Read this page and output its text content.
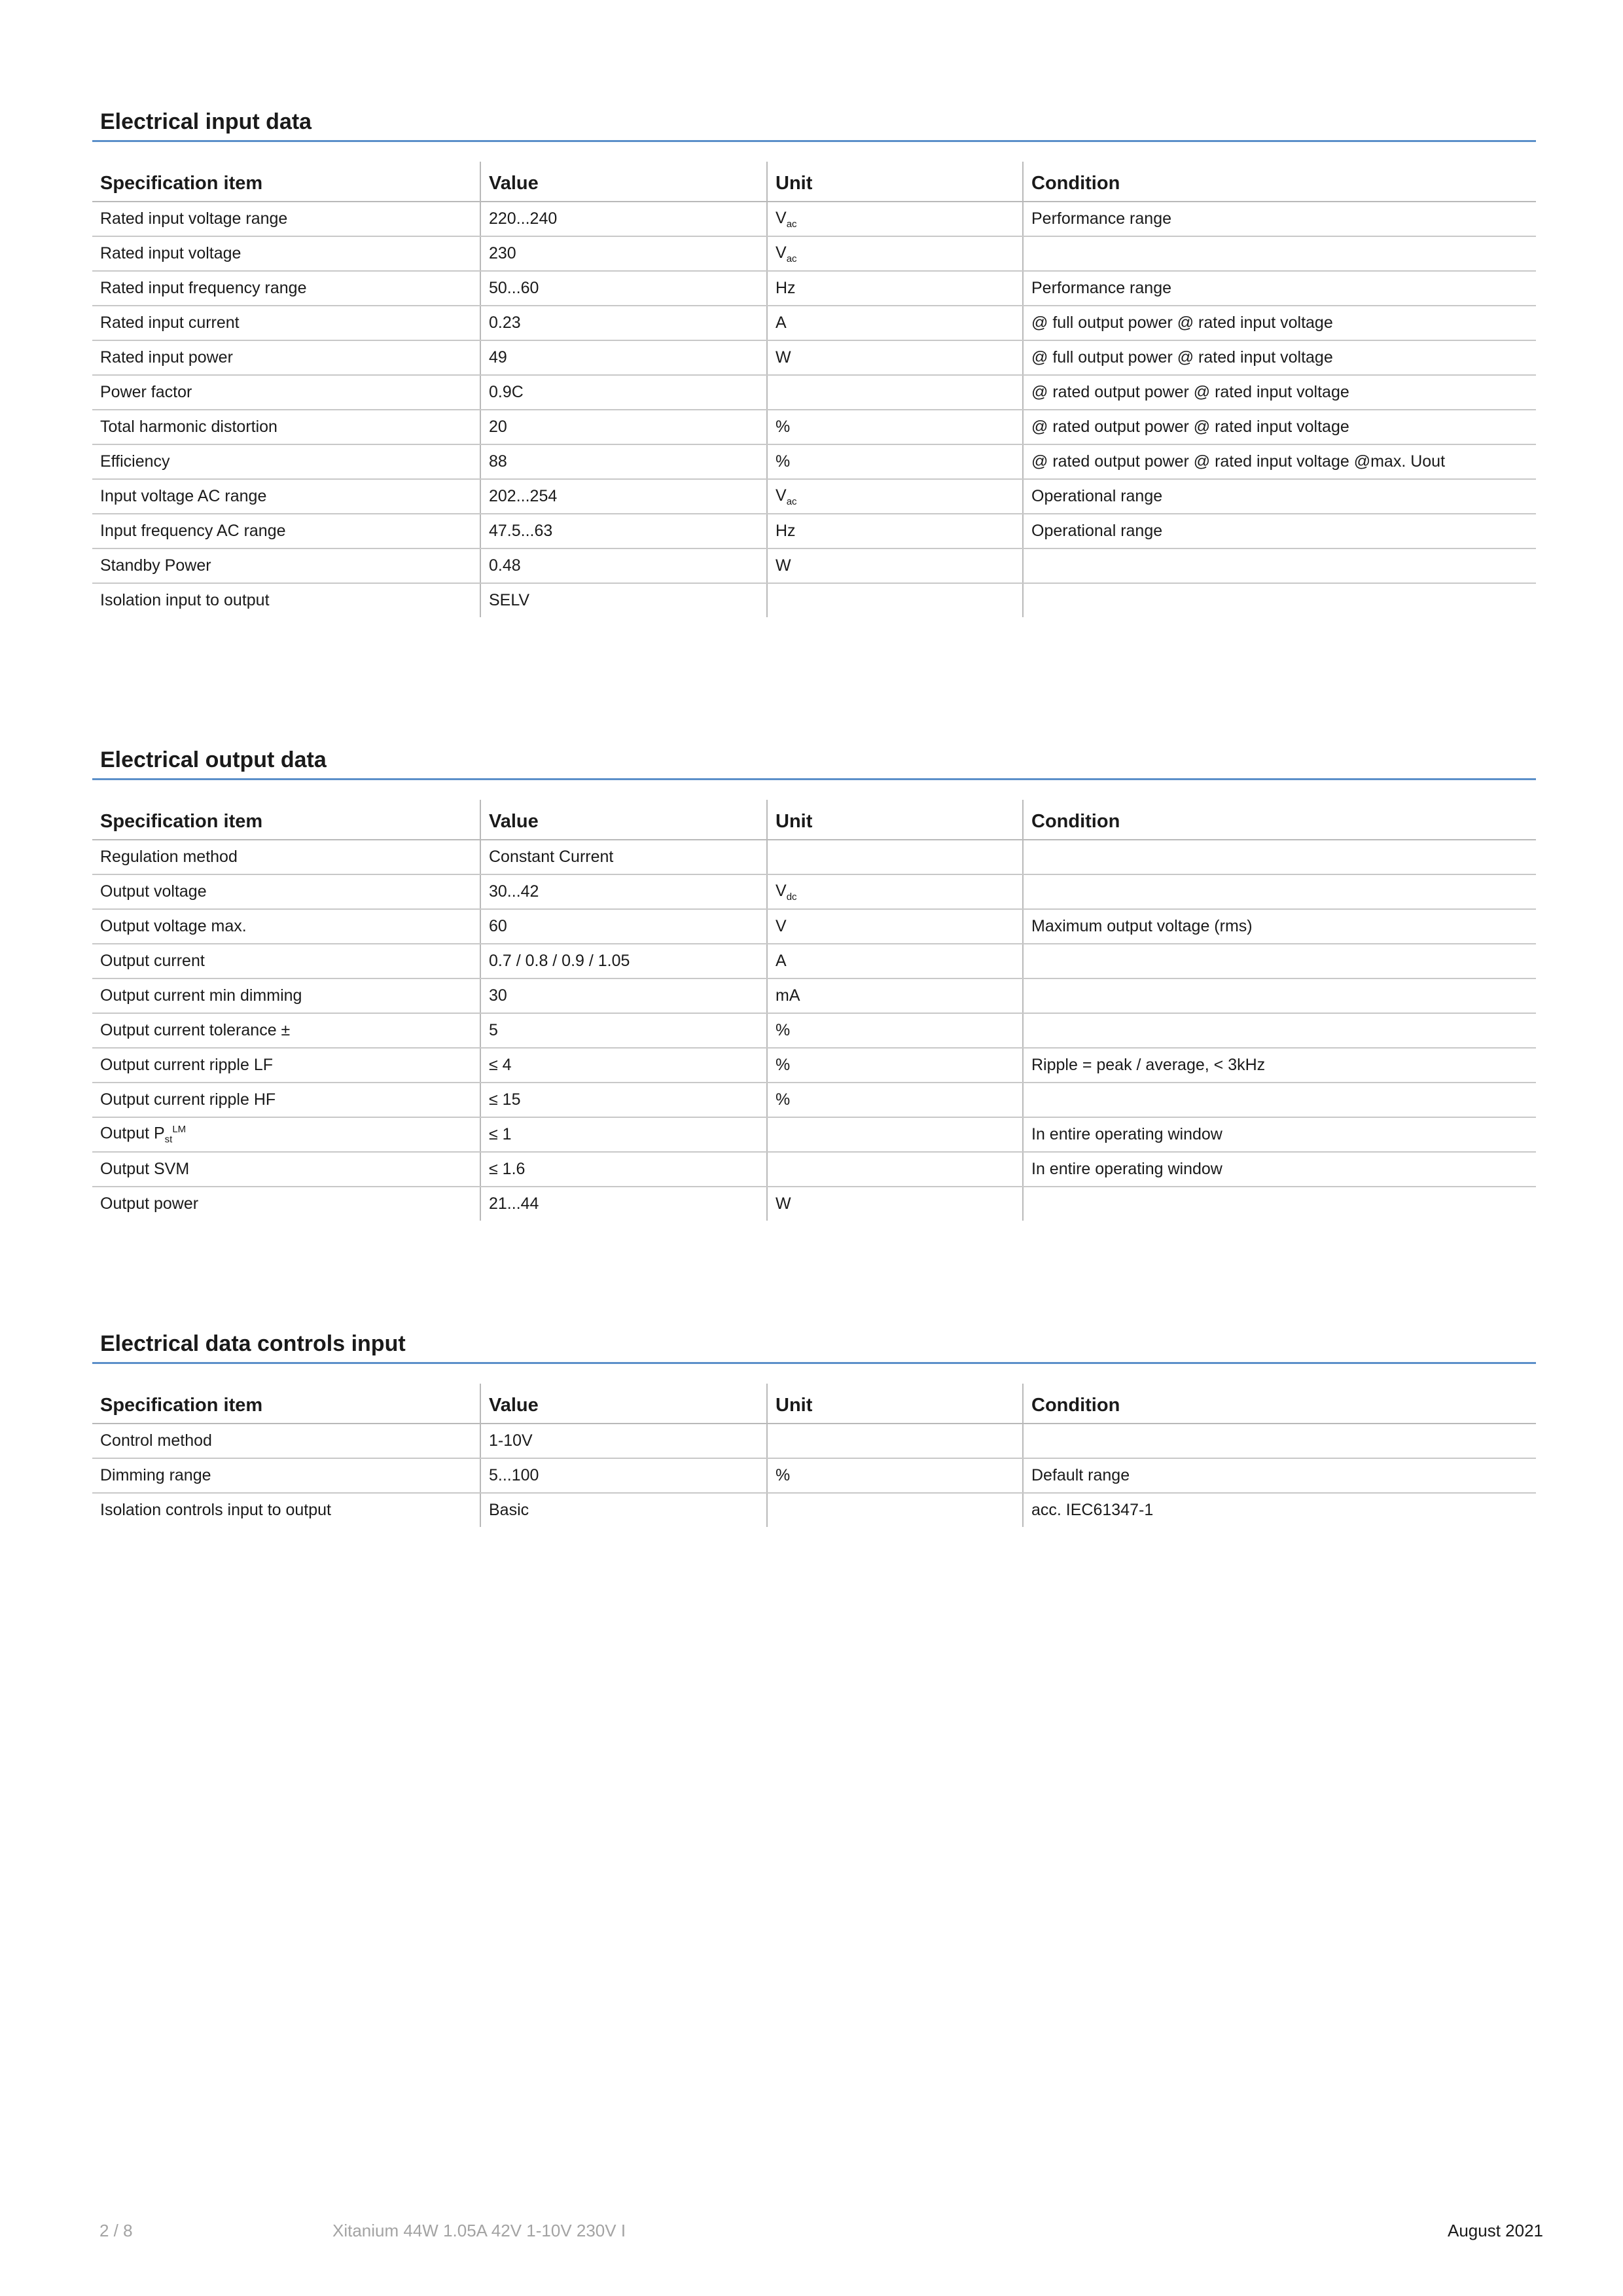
Electrical input data
Specification item	Value	Unit	Condition
Rated input voltage range	220...240	$V_{ac}$	Performance range
Rated input voltage	230	$V_{ac}$	
Rated input frequency range	50...60	Hz	Performance range
Rated input current	0.23	A	@ full output power @ rated input voltage
Rated input power	49	W	@ full output power @ rated input voltage
Power factor	0.9C		@ rated output power @ rated input voltage
Total harmonic distortion	20	%	@ rated output power @ rated input voltage
Efficiency	88	%	@ rated output power @ rated input voltage @max. Uout
Input voltage AC range	202...254	$V_{ac}$	Operational range
Input frequency AC range	47.5...63	Hz	Operational range
Standby Power	0.48	W	
Isolation input to output	SELV		
Electrical output data
Specification item	Value	Unit	Condition
Regulation method	Constant Current		
Output voltage	30...42	$V_{dc}$	
Output voltage max.	60	V	Maximum output voltage (rms)
Output current	0.7 / 0.8 / 0.9 / 1.05	A	
Output current min dimming	30	mA	
Output current tolerance ±	5	%	
Output current ripple LF	≤ 4	%	Ripple = peak / average, < 3kHz
Output current ripple HF	≤ 15	%	
Output $P_{st}^{LM}$	≤ 1		In entire operating window
Output SVM	≤ 1.6		In entire operating window
Output power	21...44	W	
Electrical data controls input
Specification item	Value	Unit	Condition
Control method	1-10V		
Dimming range	5...100	%	Default range
Isolation controls input to output	Basic		acc. IEC61347-1
2 / 8	Xitanium 44W 1.05A 42V 1-10V 230V I	August 2021
